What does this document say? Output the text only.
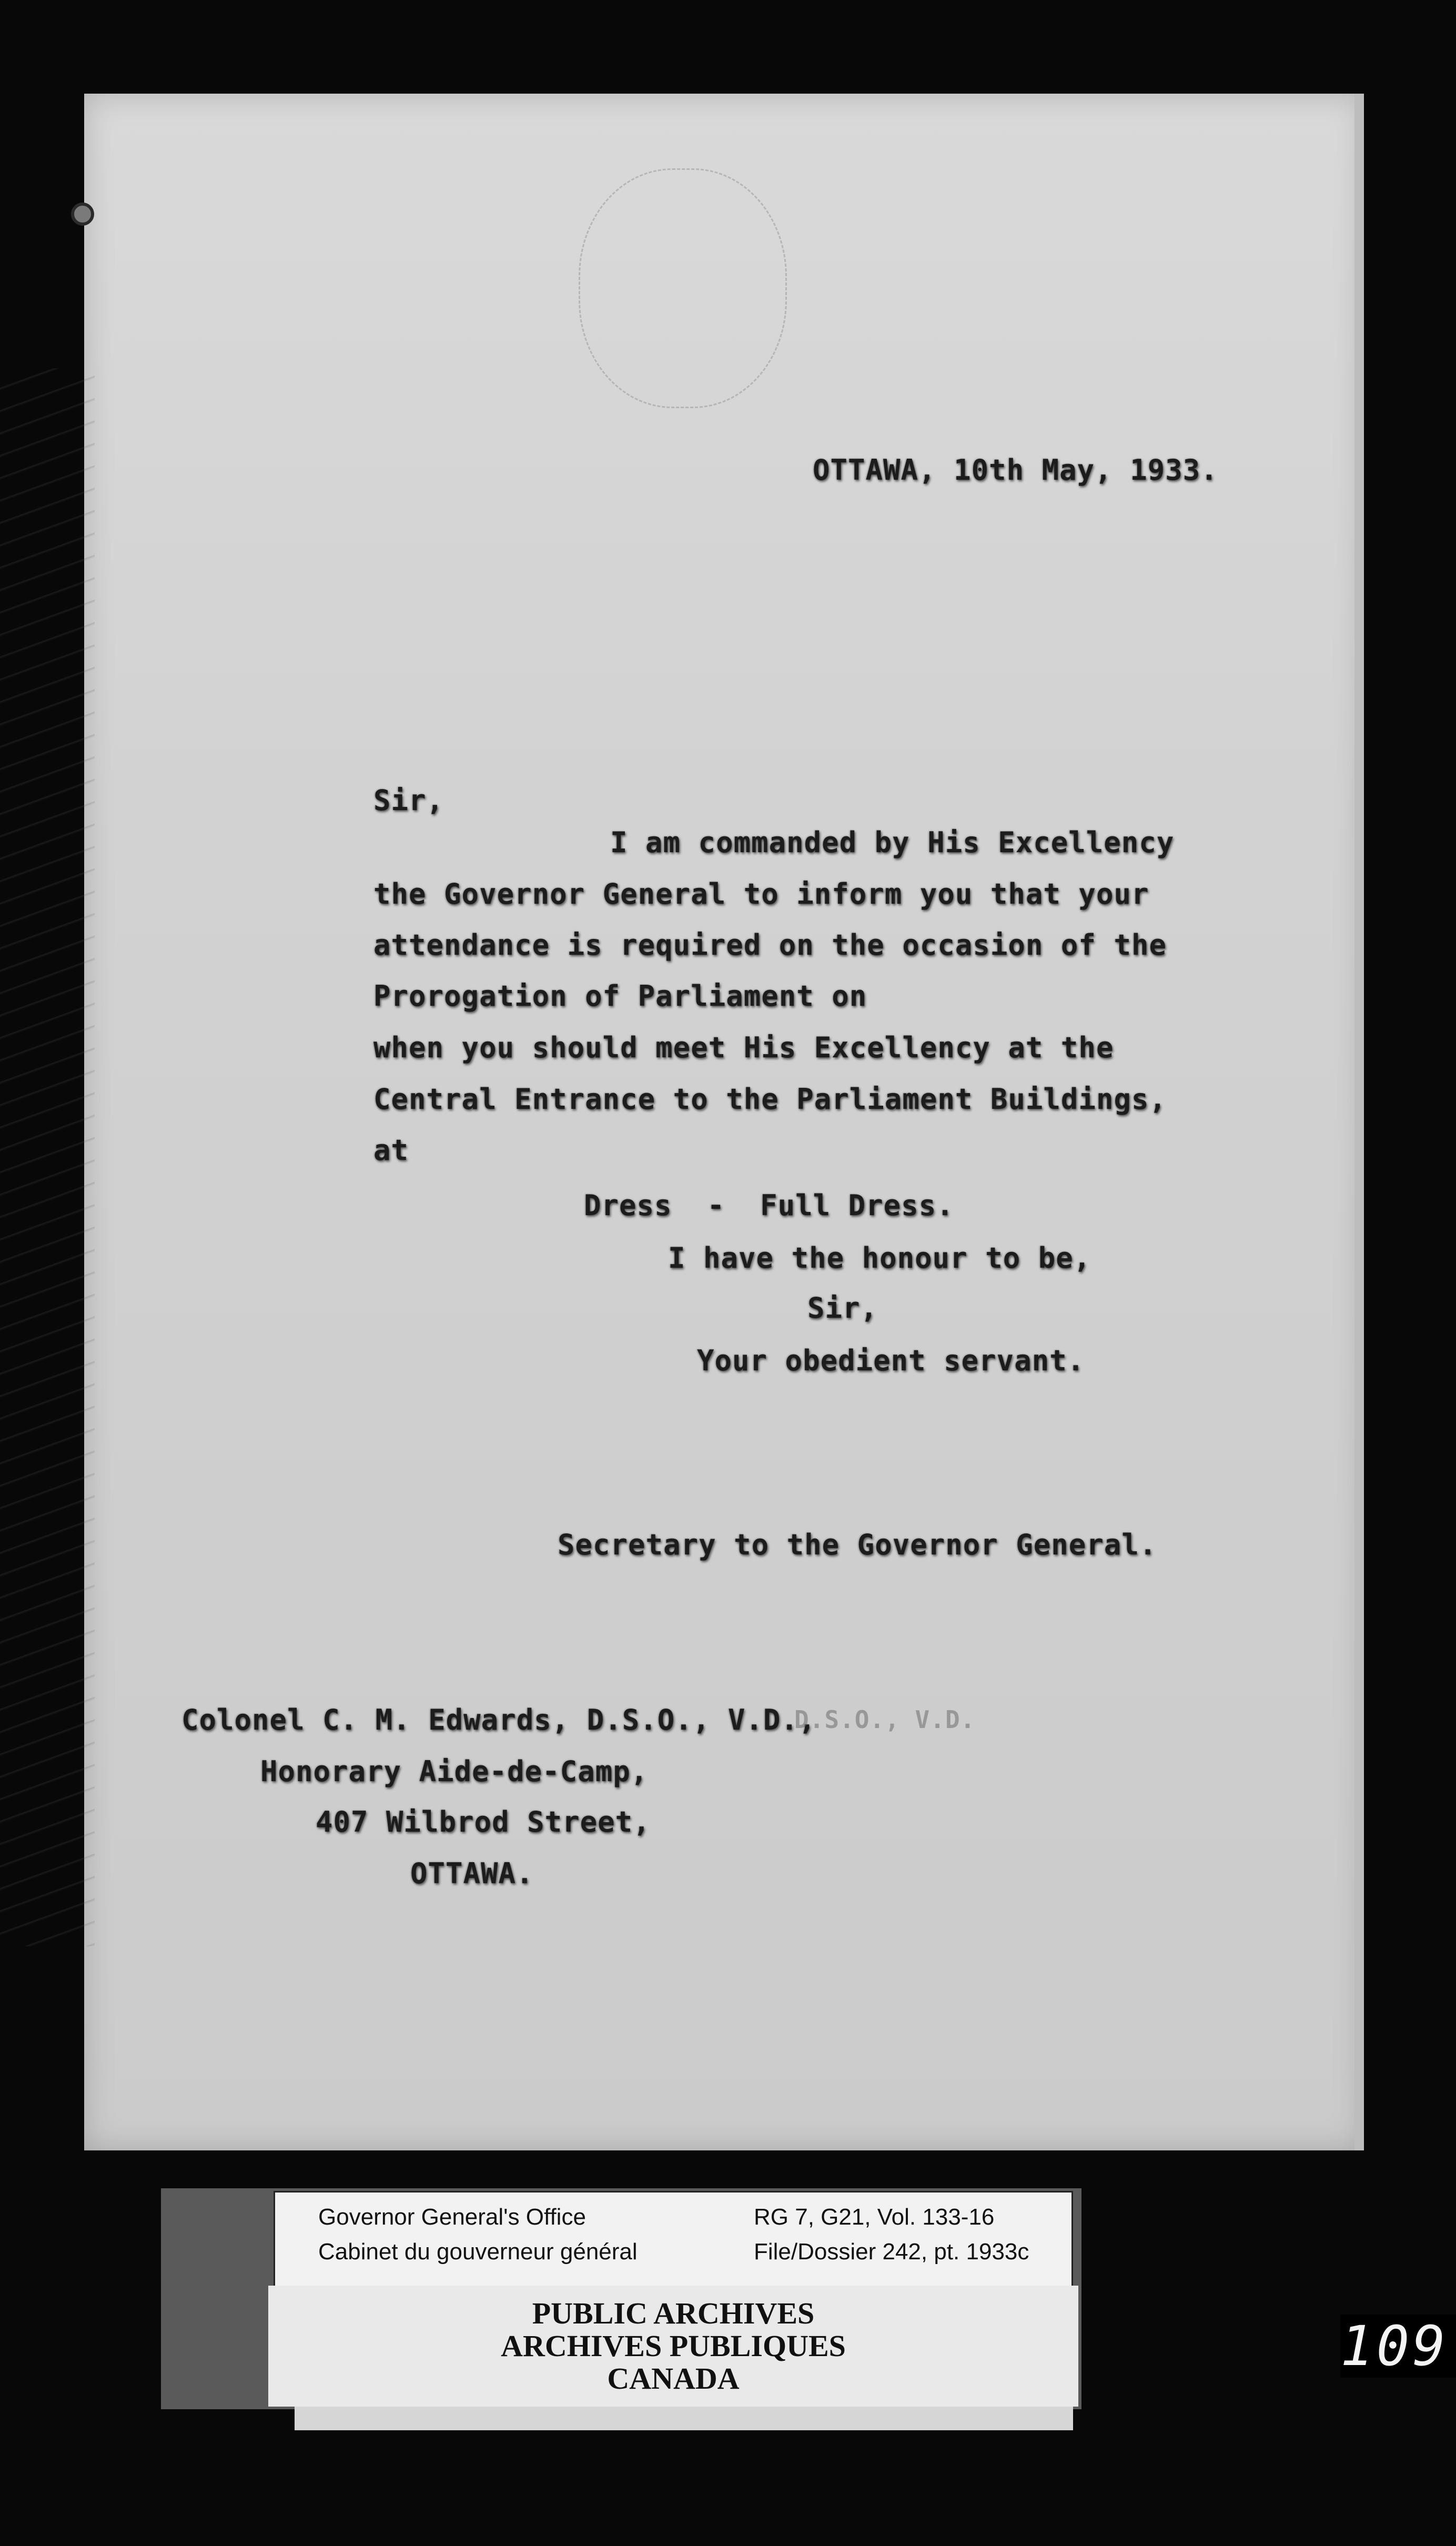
OTTAWA, 10th May, 1933.
Sir,
I am commanded by His Excellency
the Governor General to inform you that your
attendance is required on the occasion of the
Prorogation of Parliament on
when you should meet His Excellency at the
Central Entrance to the Parliament Buildings,
at
Dress  -  Full Dress.
I have the honour to be,
Sir,
Your obedient servant.
Secretary to the Governor General.
Colonel C. M. Edwards, D.S.O., V.D.,
D.S.O., V.D.
Honorary Aide-de-Camp,
407 Wilbrod Street,
OTTAWA.
Governor General's Office
Cabinet du gouverneur général
RG 7, G21, Vol. 133-16
File/Dossier 242, pt. 1933c
PUBLIC ARCHIVES
ARCHIVES PUBLIQUES
CANADA
109
